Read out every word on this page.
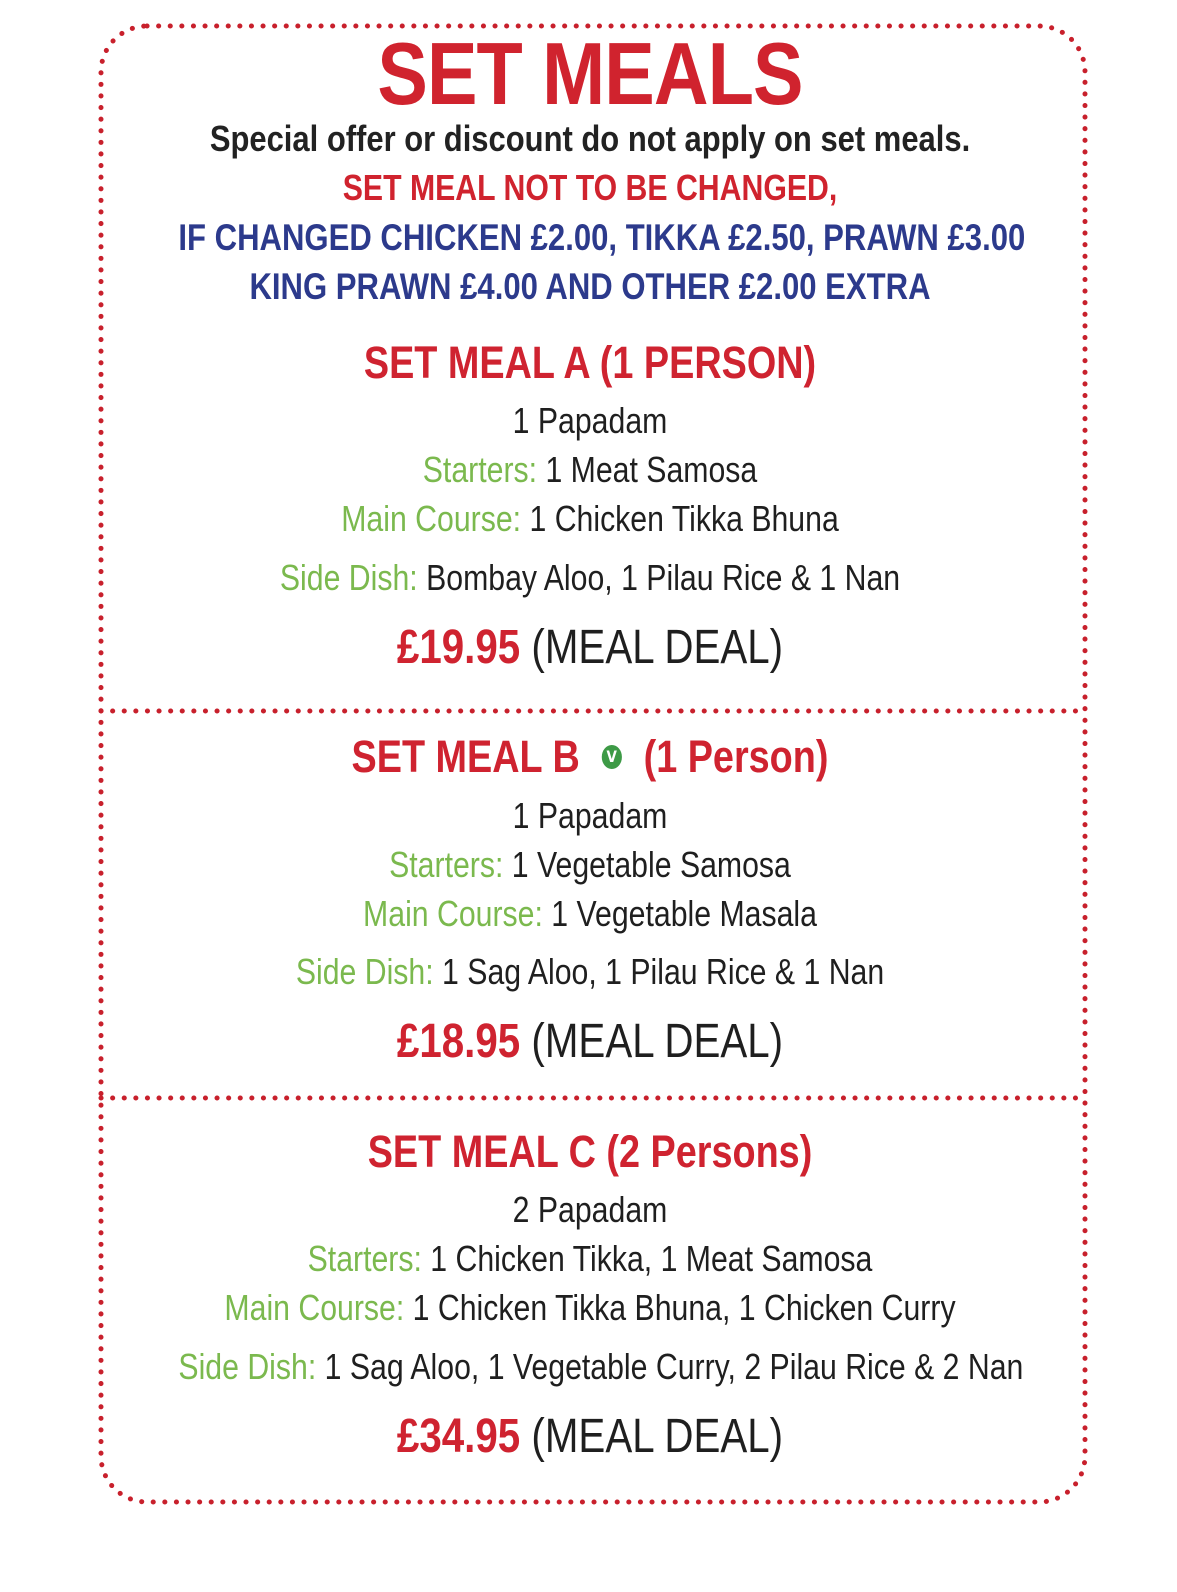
SET MEALS
Special offer or discount do not apply on set meals.
SET MEAL NOT TO BE CHANGED,
IF CHANGED CHICKEN £2.00, TIKKA £2.50, PRAWN £3.00
KING PRAWN £4.00 AND OTHER £2.00 EXTRA
SET MEAL A (1 PERSON)
1 Papadam
Starters: 1 Meat Samosa
Main Course: 1 Chicken Tikka Bhuna
Side Dish: Bombay Aloo, 1 Pilau Rice & 1 Nan
£19.95 (MEAL DEAL)
SET MEAL B V (1 Person)
1 Papadam
Starters: 1 Vegetable Samosa
Main Course: 1 Vegetable Masala
Side Dish: 1 Sag Aloo, 1 Pilau Rice & 1 Nan
£18.95 (MEAL DEAL)
SET MEAL C (2 Persons)
2 Papadam
Starters: 1 Chicken Tikka, 1 Meat Samosa
Main Course: 1 Chicken Tikka Bhuna, 1 Chicken Curry
Side Dish: 1 Sag Aloo, 1 Vegetable Curry, 2 Pilau Rice & 2 Nan
£34.95 (MEAL DEAL)
